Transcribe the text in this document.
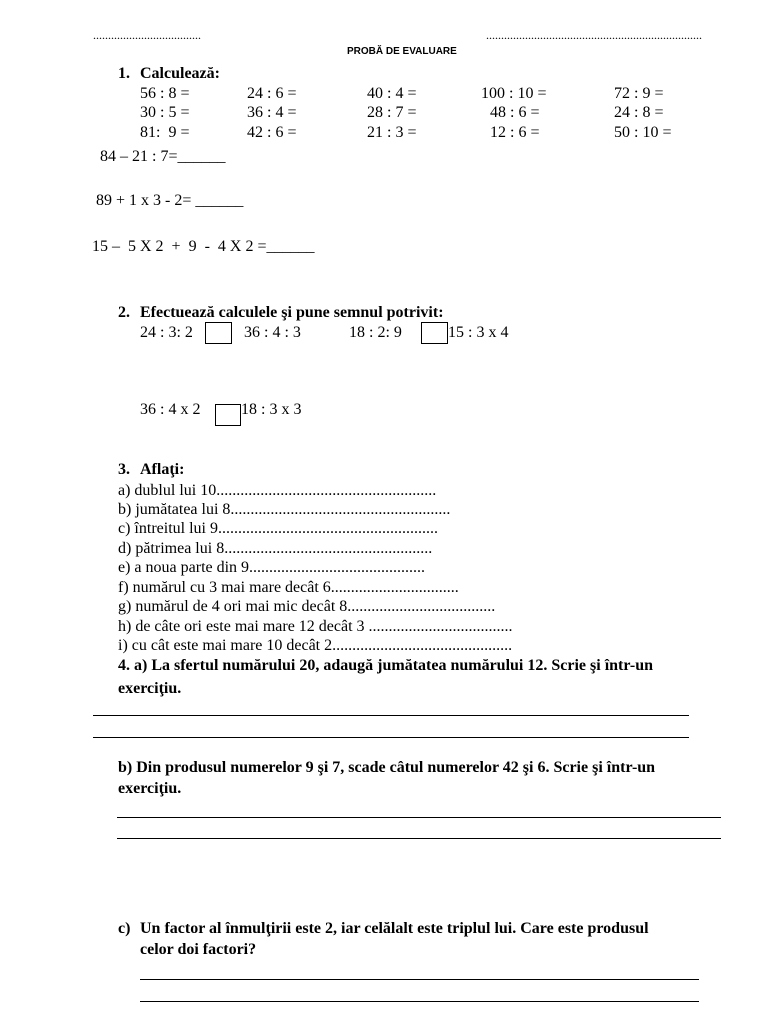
....................................	........................................................................
PROBĂ DE EVALUARE
1. Calculează:
56 : 8 =	24 : 6 =	40 : 4 =	100 : 10 =	72 : 9 =
30 : 5 =	36 : 4 =	28 : 7 =	48 : 6 =	24 : 8 =
81:  9 =	42 : 6 =	21 : 3 =	12 : 6 =	50 : 10 =
84 – 21 : 7=______
89 + 1 x 3 - 2= ______
15 –  5 X 2  +  9  -  4 X 2 =______
2. Efectuează calculele şi pune semnul potrivit:
24 : 3: 2	36 : 4 : 3	18 : 2: 9	15 : 3 x 4
36 : 4 x 2	18 : 3 x 3
3. Aflaţi:
a) dublul lui 10.......................................................
b) jumătatea lui 8.......................................................
c) întreitul lui 9.......................................................
d) pătrimea lui 8....................................................
e) a noua parte din 9............................................
f) numărul cu 3 mai mare decât 6................................
g) numărul de 4 ori mai mic decât 8.....................................
h) de câte ori este mai mare 12 decât 3 ....................................
i) cu cât este mai mare 10 decât 2.............................................
4. a) La sfertul numărului 20, adaugă jumătatea numărului 12. Scrie şi într-un
exerciţiu.
b) Din produsul numerelor 9 şi 7, scade câtul numerelor 42 şi 6. Scrie şi într-un
exerciţiu.
c) Un factor al înmulţirii este 2, iar celălalt este triplul lui. Care este produsul
celor doi factori?
